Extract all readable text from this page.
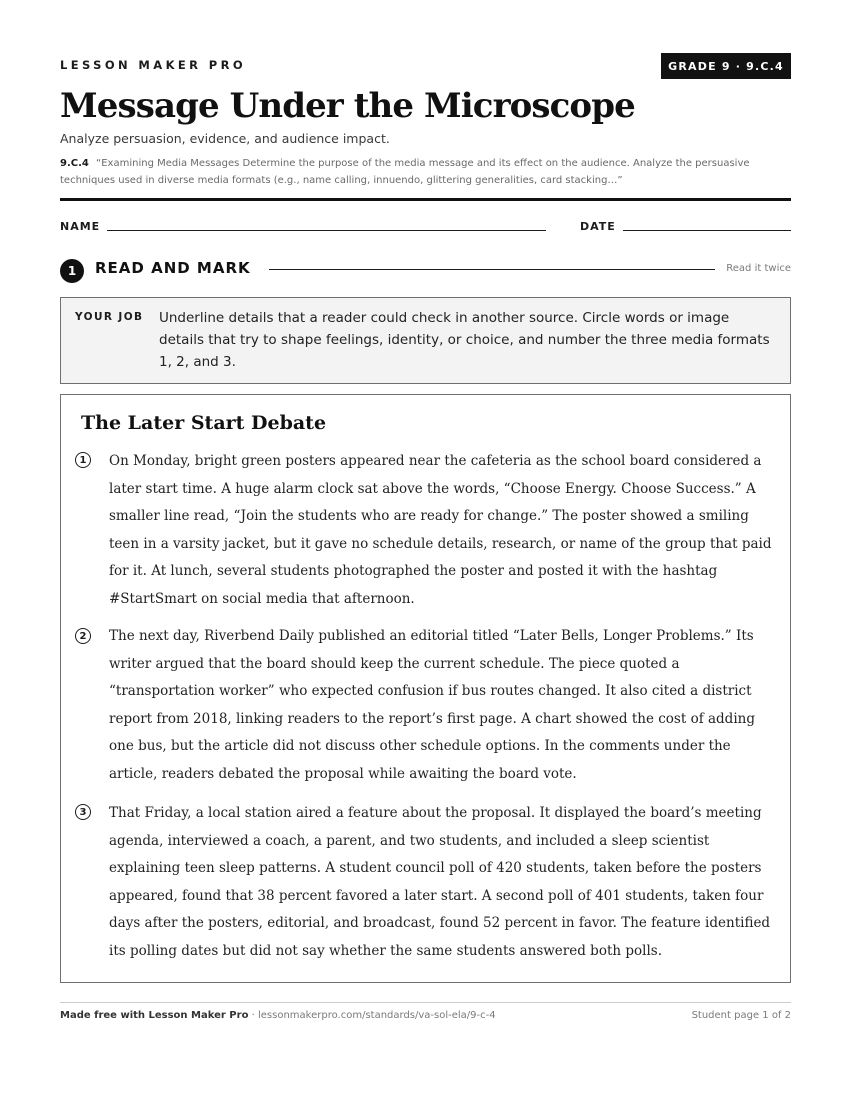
LESSON MAKER PRO	GRADE 9 · 9.C.4
Message Under the Microscope
Analyze persuasion, evidence, and audience impact.
9.C.4 “Examining Media Messages Determine the purpose of the media message and its effect on the audience. Analyze the persuasive techniques used in diverse media formats (e.g., name calling, innuendo, glittering generalities, card stacking…”
NAME	DATE
1	READ AND MARK	Read it twice
YOUR JOB Underline details that a reader could check in another source. Circle words or image details that try to shape feelings, identity, or choice, and number the three media formats 1, 2, and 3.
The Later Start Debate
1	On Monday, bright green posters appeared near the cafeteria as the school board considered a later start time. A huge alarm clock sat above the words, “Choose Energy. Choose Success.” A smaller line read, “Join the students who are ready for change.” The poster showed a smiling teen in a varsity jacket, but it gave no schedule details, research, or name of the group that paid for it. At lunch, several students photographed the poster and posted it with the hashtag #StartSmart on social media that afternoon.
2	The next day, Riverbend Daily published an editorial titled “Later Bells, Longer Problems.” Its writer argued that the board should keep the current schedule. The piece quoted a “transportation worker” who expected confusion if bus routes changed. It also cited a district report from 2018, linking readers to the report’s first page. A chart showed the cost of adding one bus, but the article did not discuss other schedule options. In the comments under the article, readers debated the proposal while awaiting the board vote.
3	That Friday, a local station aired a feature about the proposal. It displayed the board’s meeting agenda, interviewed a coach, a parent, and two students, and included a sleep scientist explaining teen sleep patterns. A student council poll of 420 students, taken before the posters appeared, found that 38 percent favored a later start. A second poll of 401 students, taken four days after the posters, editorial, and broadcast, found 52 percent in favor. The feature identified its polling dates but did not say whether the same students answered both polls.
Made free with Lesson Maker Pro · lessonmakerpro.com/standards/va-sol-ela/9-c-4	Student page 1 of 2
